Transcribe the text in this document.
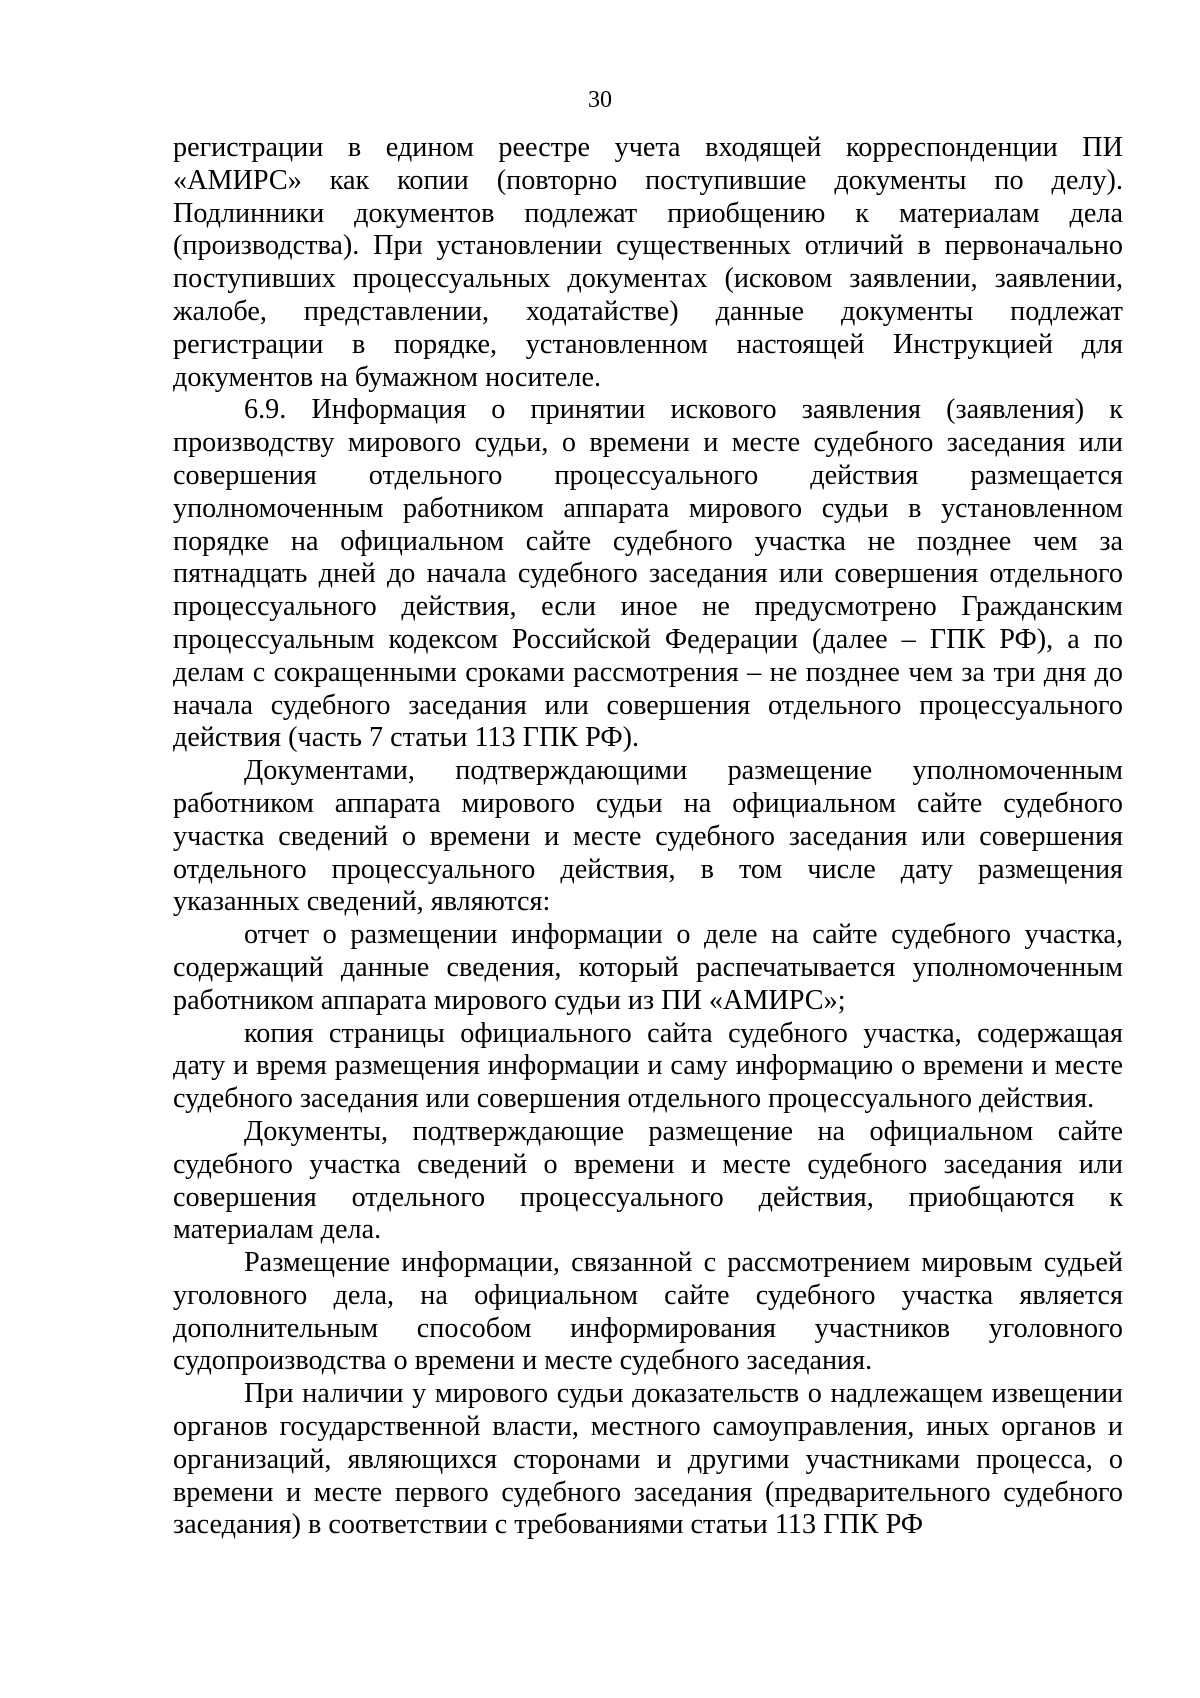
30

регистрации в едином реестре учета входящей корреспонденции ПИ «АМИРС» как копии (повторно поступившие документы по делу). Подлинники документов подлежат приобщению к материалам дела (производства). При установлении существенных отличий в первоначально поступивших процессуальных документах (исковом заявлении, заявлении, жалобе, представлении, ходатайстве) данные документы подлежат регистрации в порядке, установленном настоящей Инструкцией для документов на бумажном носителе.

6.9. Информация о принятии искового заявления (заявления) к производству мирового судьи, о времени и месте судебного заседания или совершения отдельного процессуального действия размещается уполномоченным работником аппарата мирового судьи в установленном порядке на официальном сайте судебного участка не позднее чем за пятнадцать дней до начала судебного заседания или совершения отдельного процессуального действия, если иное не предусмотрено Гражданским процессуальным кодексом Российской Федерации (далее – ГПК РФ), а по делам с сокращенными сроками рассмотрения – не позднее чем за три дня до начала судебного заседания или совершения отдельного процессуального действия (часть 7 статьи 113 ГПК РФ).

Документами, подтверждающими размещение уполномоченным работником аппарата мирового судьи на официальном сайте судебного участка сведений о времени и месте судебного заседания или совершения отдельного процессуального действия, в том числе дату размещения указанных сведений, являются:

отчет о размещении информации о деле на сайте судебного участка, содержащий данные сведения, который распечатывается уполномоченным работником аппарата мирового судьи из ПИ «АМИРС»;

копия страницы официального сайта судебного участка, содержащая дату и время размещения информации и саму информацию о времени и месте судебного заседания или совершения отдельного процессуального действия.

Документы, подтверждающие размещение на официальном сайте судебного участка сведений о времени и месте судебного заседания или совершения отдельного процессуального действия, приобщаются к материалам дела.

Размещение информации, связанной с рассмотрением мировым судьей уголовного дела, на официальном сайте судебного участка является дополнительным способом информирования участников уголовного судопроизводства о времени и месте судебного заседания.

При наличии у мирового судьи доказательств о надлежащем извещении органов государственной власти, местного самоуправления, иных органов и организаций, являющихся сторонами и другими участниками процесса, о времени и месте первого судебного заседания (предварительного судебного заседания) в соответствии с требованиями статьи 113 ГПК РФ
